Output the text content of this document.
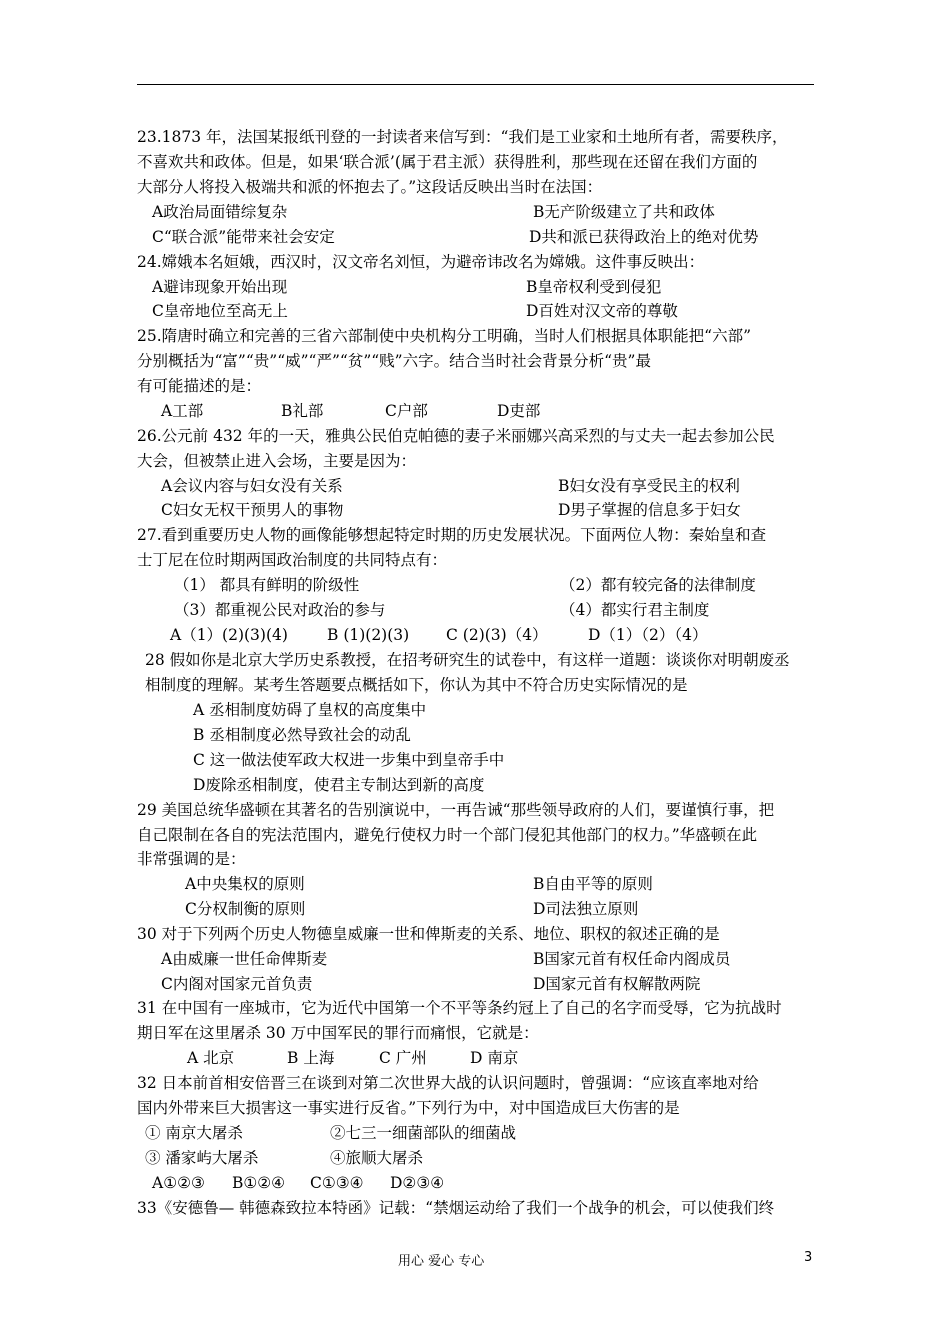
23.1873 年，法国某报纸刊登的一封读者来信写到：“我们是工业家和土地所有者，需要秩序，
不喜欢共和政体。但是，如果‘联合派’(属于君主派）获得胜利，那些现在还留在我们方面的
大部分人将投入极端共和派的怀抱去了。”这段话反映出当时在法国：
A政治局面错综复杂	B无产阶级建立了共和政体
C“联合派”能带来社会安定	D共和派已获得政治上的绝对优势
24.嫦娥本名姮娥，西汉时，汉文帝名刘恒，为避帝讳改名为嫦娥。这件事反映出：
A避讳现象开始出现	B皇帝权利受到侵犯
C皇帝地位至高无上	D百姓对汉文帝的尊敬
25.隋唐时确立和完善的三省六部制使中央机构分工明确，当时人们根据具体职能把“六部”
分别概括为“富”“贵”“威”“严”“贫”“贱”六字。结合当时社会背景分析“贵”最
有可能描述的是：
A工部	B礼部	C户部	D吏部
26.公元前 432 年的一天，雅典公民伯克帕德的妻子米丽娜兴高采烈的与丈夫一起去参加公民
大会，但被禁止进入会场，主要是因为：
A会议内容与妇女没有关系	B妇女没有享受民主的权利
C妇女无权干预男人的事物	D男子掌握的信息多于妇女
27.看到重要历史人物的画像能够想起特定时期的历史发展状况。下面两位人物：秦始皇和查
士丁尼在位时期两国政治制度的共同特点有：
（1） 都具有鲜明的阶级性	（2）都有较完备的法律制度
（3）都重视公民对政治的参与	（4）都实行君主制度
A（1）(2)(3)(4)	B (1)(2)(3) C (2)(3)（4）	D（1）（2）（4）
28 假如你是北京大学历史系教授，在招考研究生的试卷中，有这样一道题：谈谈你对明朝废丞
相制度的理解。某考生答题要点概括如下，你认为其中不符合历史实际情况的是
A 丞相制度妨碍了皇权的高度集中
B 丞相制度必然导致社会的动乱
C 这一做法使军政大权进一步集中到皇帝手中
D废除丞相制度，使君主专制达到新的高度
29 美国总统华盛顿在其著名的告别演说中，一再告诫“那些领导政府的人们，要谨慎行事，把
自己限制在各自的宪法范围内，避免行使权力时一个部门侵犯其他部门的权力。”华盛顿在此
非常强调的是：
A中央集权的原则	B自由平等的原则
C分权制衡的原则	D司法独立原则
30 对于下列两个历史人物德皇威廉一世和俾斯麦的关系、地位、职权的叙述正确的是
A由威廉一世任命俾斯麦	B国家元首有权任命内阁成员
C内阁对国家元首负责	D国家元首有权解散两院
31 在中国有一座城市，它为近代中国第一个不平等条约冠上了自己的名字而受辱，它为抗战时
期日军在这里屠杀 30 万中国军民的罪行而痛恨，它就是：
A 北京	B 上海	C 广州	D 南京
32 日本前首相安倍晋三在谈到对第二次世界大战的认识问题时，曾强调：“应该直率地对给
国内外带来巨大损害这一事实进行反省。”下列行为中，对中国造成巨大伤害的是
① 南京大屠杀	②七三一细菌部队的细菌战
③ 潘家屿大屠杀	④旅顺大屠杀
A①②③ B①②④ C①③④ D②③④
33《安德鲁— 韩德森致拉本特函》记载：“禁烟运动给了我们一个战争的机会，可以使我们终
用心 爱心 专心	3
